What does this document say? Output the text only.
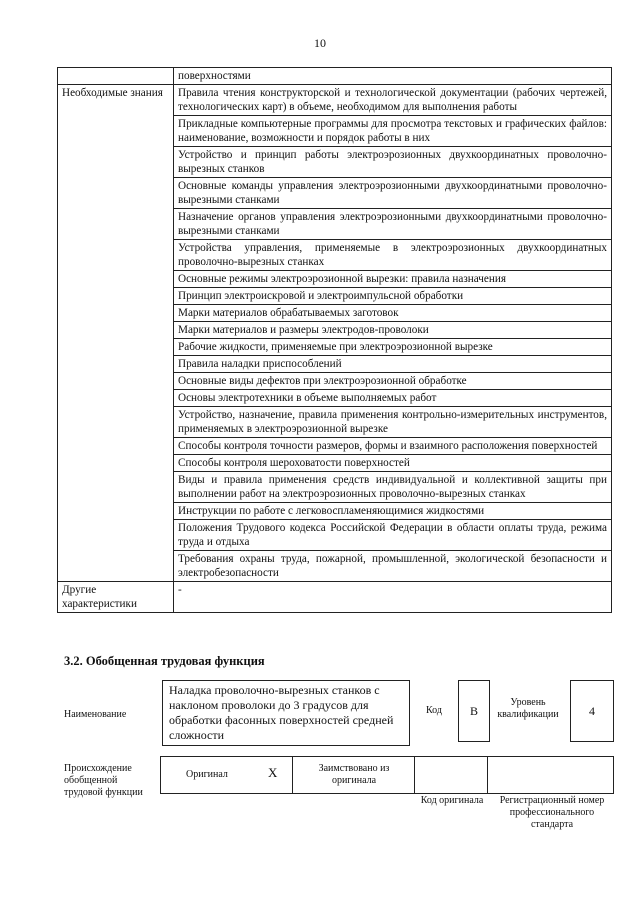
10
	поверхностями
Необходимые знания	Правила чтения конструкторской и технологической документации (рабочих чертежей, технологических карт) в объеме, необходимом для выполнения работы
	Прикладные компьютерные программы для просмотра текстовых и графических файлов: наименование, возможности и порядок работы в них
	Устройство и принцип работы электроэрозионных двухкоординатных проволочно-вырезных станков
	Основные команды управления электроэрозионными двухкоординатными проволочно-вырезными станками
	Назначение органов управления электроэрозионными двухкоординатными проволочно-вырезными станками
	Устройства управления, применяемые в электроэрозионных двухкоординатных проволочно-вырезных станках
	Основные режимы электроэрозионной вырезки: правила назначения
	Принцип электроискровой и электроимпульсной обработки
	Марки материалов обрабатываемых заготовок
	Марки материалов и размеры электродов-проволоки
	Рабочие жидкости, применяемые при электроэрозионной вырезке
	Правила наладки приспособлений
	Основные виды дефектов при электроэрозионной обработке
	Основы электротехники в объеме выполняемых работ
	Устройство, назначение, правила применения контрольно-измерительных инструментов, применяемых в электроэрозионной вырезке
	Способы контроля точности размеров, формы и взаимного расположения поверхностей
	Способы контроля шероховатости поверхностей
	Виды и правила применения средств индивидуальной и коллективной защиты при выполнении работ на электроэрозионных проволочно-вырезных станках
	Инструкции по работе с легковоспламеняющимися жидкостями
	Положения Трудового кодекса Российской Федерации в области оплаты труда, режима труда и отдыха
	Требования охраны труда, пожарной, промышленной, экологической безопасности и электробезопасности
Другие характеристики	-
3.2. Обобщенная трудовая функция
Наименование
Наладка проволочно-вырезных станков с наклоном проволоки до 3 градусов для обработки фасонных поверхностей средней сложности
Код	В
Уровень квалификации	4
Происхождение обобщенной трудовой функции
Оригинал	X	Заимствовано из оригинала
Код оригинала	Регистрационный номер профессионального стандарта
